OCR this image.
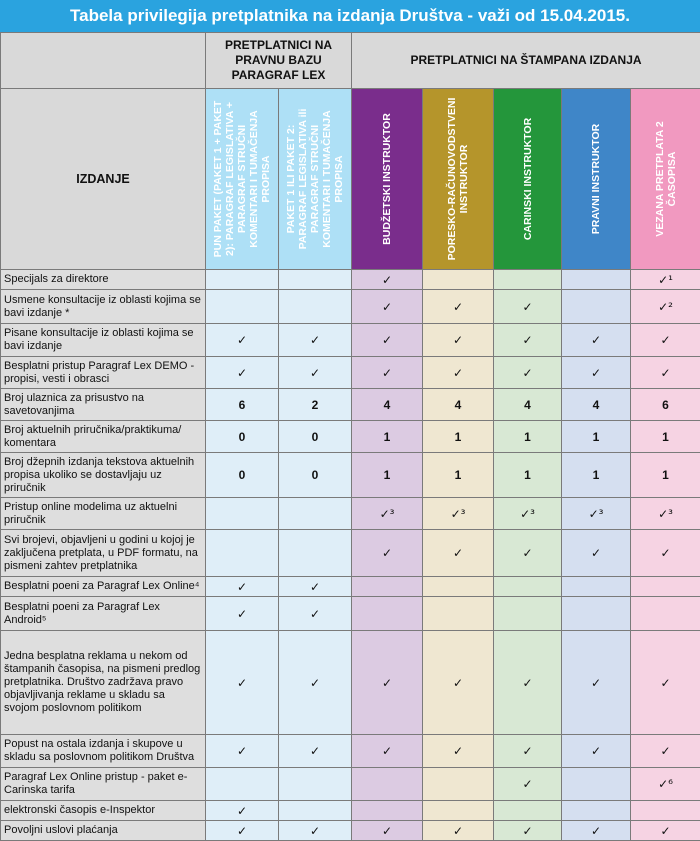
Tabela privilegija pretplatnika na izdanja Društva - važi od 15.04.2015.
	PRETPLATNICI NA PRAVNU BAZU PARAGRAF LEX		PRETPLATNICI NA ŠTAMPANA IZDANJA				
IZDANJE	PUN PAKET (PAKET 1 + PAKET 2): PARAGRAF LEGISLATIVA + PARAGRAF STRUČNI KOMENTARI I TUMAČENJA PROPISA	PAKET 1 ILI PAKET 2: PARAGRAF LEGISLATIVA ili PARAGRAF STRUČNI KOMENTARI I TUMAČENJA PROPISA	BUDŽETSKI INSTRUKTOR	PORESKO-RAČUNOVODSTVENI INSTRUKTOR	CARINSKI INSTRUKTOR	PRAVNI INSTRUKTOR	VEZANA PRETPLATA 2 ČASOPISA

Specijals za direktore			✓				✓¹
Usmene konsultacije iz oblasti kojima se bavi izdanje *			✓	✓	✓		✓²
Pisane konsultacije iz oblasti kojima se bavi izdanje	✓	✓	✓	✓	✓	✓	✓
Besplatni pristup Paragraf Lex DEMO - propisi, vesti i obrasci	✓	✓	✓	✓	✓	✓	✓
Broj ulaznica za prisustvo na savetovanjima	6	2	4	4	4	4	6
Broj aktuelnih priručnika/praktikuma/ komentara	0	0	1	1	1	1	1
Broj džepnih izdanja tekstova aktuelnih propisa ukoliko se dostavljaju uz priručnik	0	0	1	1	1	1	1
Pristup online modelima uz aktuelni priručnik			✓³	✓³	✓³	✓³	✓³
Svi brojevi, objavljeni u godini u kojoj je zaključena pretplata, u PDF formatu, na pismeni zahtev pretplatnika			✓	✓	✓	✓	✓
Besplatni poeni za Paragraf Lex Online⁴	✓	✓					
Besplatni poeni za Paragraf Lex Android⁵	✓	✓					
Jedna besplatna reklama u nekom od štampanih časopisa, na pismeni predlog pretplatnika. Društvo zadržava pravo objavljivanja reklame u skladu sa svojom poslovnom politikom	✓	✓	✓	✓	✓	✓	✓
Popust na ostala izdanja i skupove u skladu sa poslovnom politikom Društva	✓	✓	✓	✓	✓	✓	✓
Paragraf Lex Online pristup - paket e-Carinska tarifa					✓		✓⁶
elektronski časopis e-Inspektor	✓						
Povoljni uslovi plaćanja	✓	✓	✓	✓	✓	✓	✓
